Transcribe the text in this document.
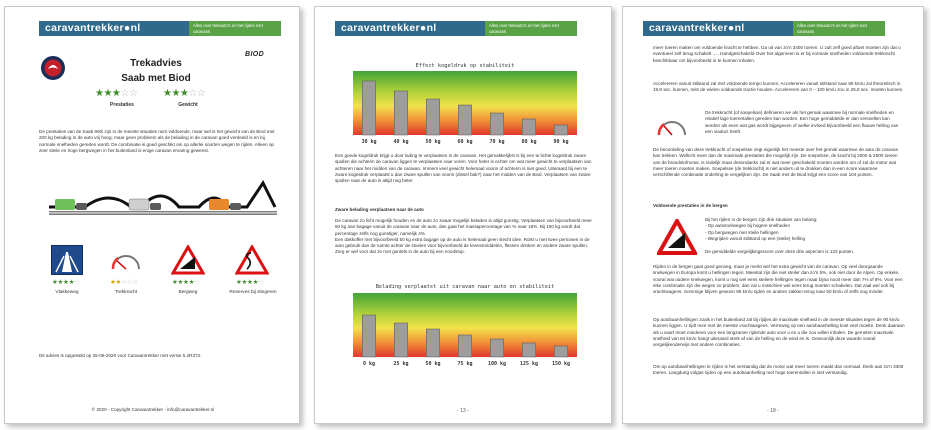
caravantrekker●nl	Alles over trekauto's en het rijden met caravans
Trekadvies
Saab met Biod
BIOD
★★★☆☆
Prestaties
★★★☆☆
Gewicht
De prestaties van de Saab 900i zijn in de meeste situaties ruim voldoende, maar wel is het gewicht van de Biod met 200 kg belading in de auto vrij hoog, maar geen probleem als de belading in de caravan goed verdeeld is en bij normale snelheden gereden wordt. De combinatie is goed geschikt om op allerlei soorten wegen te rijden. Alleen op zeer steile en hoge bergwegen in het buitenland is enige caravan ervaring gewenst.
★★★★☆	★★☆☆☆	★★★★☆	★★★★☆
Vlakkeweg	Trekkracht	Bergweg	Reserves bij slingeren
Dit advies is opgesteld op 25-08-2020 voor Caravantrekker met versie 5.2R372.
© 2020 - Copyright Caravantrekker - info@caravantrekker.nl
caravantrekker●nl	Alles over trekauto's en het rijden met caravans
Effect kogeldruk op stabiliteit
30 kg	40 kg	50 kg	60 kg	70 kg	80 kg	90 kg
Een goede kogeldruk krijgt u door lading te verplaatsen in de caravan. Het gemakkelijkst is bij een te lichte kogeldruk zware spullen die achterin de caravan liggen te verplaatsen naar voren. Voor heter is echter om wat meer gewicht te verplaatsen van achteren naar het midden van de caravan. Immers veel gewicht helemaal voorin of achterin is niet goed. Uiteraard bij een te zware kogeldruk verplaatst u dan zware spullen van voorin (dissel bak?) naar het midden van de Biod. Verplaatsen van zware spullen naar de auto is altijd nog beter.
Zware belading verplaatsen naar de auto
De caravan zo licht mogelijk houden en de auto zo zwaar mogelijk beladen is altijd gunstig. Verplaatsen van bijvoorbeeld meer 50 kg aan bagage vanuit de caravan naar de auto, dan gaat het massapercentage van % naar 18%. Bij 100 kg wordt dat percentage zelfs nog gunstiger, namelijk 4%.
Een dakkoffer met bijvoorbeeld 50 kg extra bagage op de auto is helemaal geen slecht idee. Rolst u met twee personen in de auto gebruik dan de ruimte achter de stoelen voor bijvoorbeeld de levensmiddelen, flessen drinken en andere zware spullen. Zorg er wel voor dat ze met gordels in de auto bij een noodstop.
Belading verplaatst uit caravan naar auto en stabiliteit
0 kg	25 kg	50 kg	75 kg	100 kg	125 kg	150 kg
- 13 -
caravantrekker●nl	Alles over trekauto's en het rijden met caravans
meer toeren maken om voldoende kracht te hebben. Ga uit van zo'n 3400 toeren. U zult zelf goed aftoet moeten zijn dat u eventueel zelf terug schakelt ..... Handgeschakeld Over het algemeen is er bij normale snelheden voldoende trekkracht beschikbaar om bijvoorbeeld in te kunnen inhalen.
Accelereren vanuit stilstand zal met voldoende tempo kunnen. Accelereren vanuit stilstand naar 80 km/u zal theoretisch in 19,8 sec. kunnen, mits de wielen voldoende tractie houden. Accelereren van 0 – 100 km/u zou in 25,8 sec. moeten kunnen.
De trekkracht (of soepelsse) definieren we als het gemak waarmee bij normale snelheden en relatief lage toerentallen gereden kan worden. Een hoge gemiddelde er dan versnellen kan worden als even wat gas wordt bijgegeven of welke invloed bijvoorbeeld een flauwe helling van een viaduct heeft.
De beoordeling van deze trekkracht of soepelsse zegt eigenlijk het meeste over het gemak waarmee de auto de caravan kan trekken. Wellicht meer dan de maximale prestaties die mogelijk zijn. De soepelsse, de kracht bij 2000 & 2500 toeren van de brandstofmotor, is redelijk maar desondanks zal er wat meer geschakeld moeten worden om of zal de motor wat meer toeren moeten maken. Soepelsse (de trekkracht) is niet anders uit te drukken dan in-een score waarmee verschillende combinatie onderling te vergelijken zijn. De Saab met de Biod krijgt een score van 104 punten.
Voldoende prestaties in de bergen
Bij het rijden in de bergen zijn drie situaties van belang:
- Op autosnelwegen bij hogere snelheden
- Op bergwegen met steile hellingen
- Wegrijden vanuit stilstand op een (steile) helling
De gemiddelde vergelijkingsscore over deze drie aspecten is 133 punten.
Rijden in de bergen gaat goed genoeg, maar je merkt wel het extra gewicht van de caravan. Op veel doorgaande snelwegen in Europa komt u hellingen tegen. Meestal zijn die niet steiler dan zo'n 5%, ook niet door de Alpen. Op enkele, vooral wat oudere snelwegen, komt u nog wel eens steilere hellingen tegen maar bijna nooit meer dan 7% of 8%. Voor een elke combinatie zijn die wegen zo problem, dan zal u misschien wel eens terug moeten schakelen. Dat zaal wel ook bij vrachtwagens. Sommige blijven gewoon 85 km/u rijden en andere zakken terug naar 50 km/u of zelfs nog minder.
Op autobaanhellingen zoals in het buitenland zal bij rijdjes de maximale snelheid in de meeste situaties tegen de 90 km/u kunnen liggen. U rijdt mee met de meeste vrachtwagens. Verreweg op een autobaanhelling kost veel moeite. Denk daaraan als u vaart moet minderen voor een langzamer rijdende auto voor u en u die zou willen inhalen. De gemeten maximale snelheid van 84 km/u hangt uiteraard sterk af van de helling en de wind en is. Gewoonlijk deze waarde vooral vergelijkenderwijs met andere combinaties.
Om op autobaanhellingen te rijden is het verstandig dat de motor wat meer toeren maakt dan normaal. Denk aan zo'n 3300 toeren. Langdurig volgas rijden op een autobaanhelling met hoge toerentallen is niet verstandig.
- 18 -
